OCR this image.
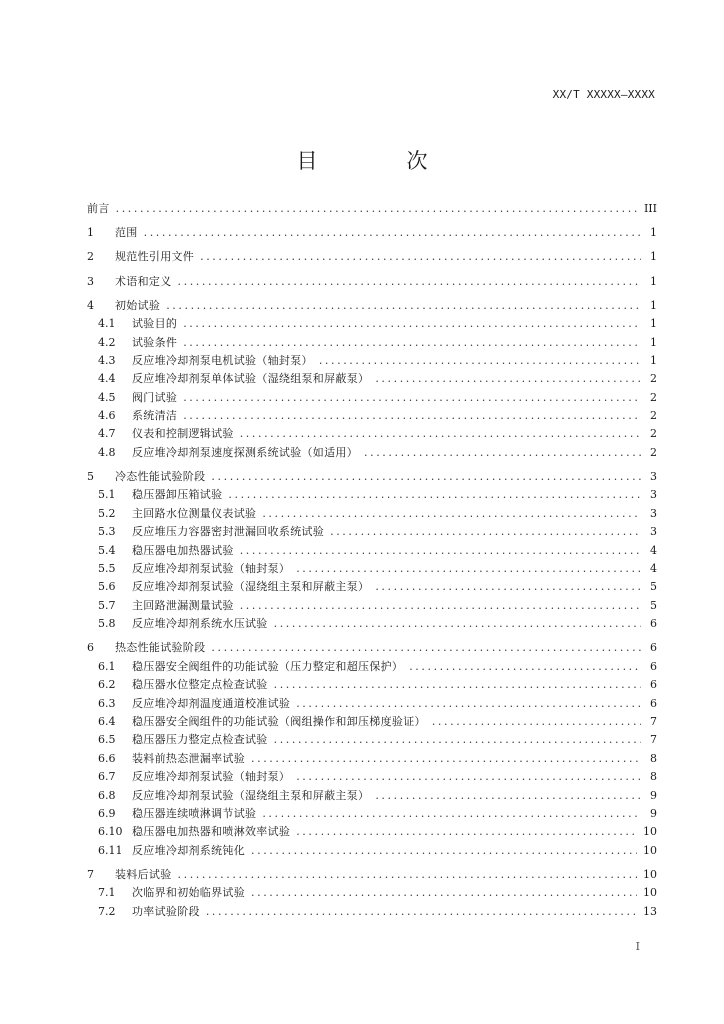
XX/T XXXXX—XXXX
目　次
前言 .....	III
1	范围 .....	1
2	规范性引用文件 .....	1
3	术语和定义 .....	1
4	初始试验 .....	1
4.1	试验目的 .....	1
4.2	试验条件 .....	1
4.3	反应堆冷却剂泵电机试验（轴封泵） .....	1
4.4	反应堆冷却剂泵单体试验（湿绕组泵和屏蔽泵） .....	2
4.5	阀门试验 .....	2
4.6	系统清洁 .....	2
4.7	仪表和控制逻辑试验 .....	2
4.8	反应堆冷却剂泵速度探测系统试验（如适用） .....	2
5	冷态性能试验阶段 .....	3
5.1	稳压器卸压箱试验 .....	3
5.2	主回路水位测量仪表试验 .....	3
5.3	反应堆压力容器密封泄漏回收系统试验 .....	3
5.4	稳压器电加热器试验 .....	4
5.5	反应堆冷却剂泵试验（轴封泵） .....	4
5.6	反应堆冷却剂泵试验（湿绕组主泵和屏蔽主泵） .....	5
5.7	主回路泄漏测量试验 .....	5
5.8	反应堆冷却剂系统水压试验 .....	6
6	热态性能试验阶段 .....	6
6.1	稳压器安全阀组件的功能试验（压力整定和超压保护） .....	6
6.2	稳压器水位整定点检查试验 .....	6
6.3	反应堆冷却剂温度通道校准试验 .....	6
6.4	稳压器安全阀组件的功能试验（阀组操作和卸压梯度验证） .....	7
6.5	稳压器压力整定点检查试验 .....	7
6.6	装料前热态泄漏率试验 .....	8
6.7	反应堆冷却剂泵试验（轴封泵） .....	8
6.8	反应堆冷却剂泵试验（湿绕组主泵和屏蔽主泵） .....	9
6.9	稳压器连续喷淋调节试验 .....	9
6.10 稳压器电加热器和喷淋效率试验 .....	10
6.11 反应堆冷却剂系统钝化 .....	10
7	装料后试验 .....	10
7.1	次临界和初始临界试验 .....	10
7.2	功率试验阶段 .....	13
I
